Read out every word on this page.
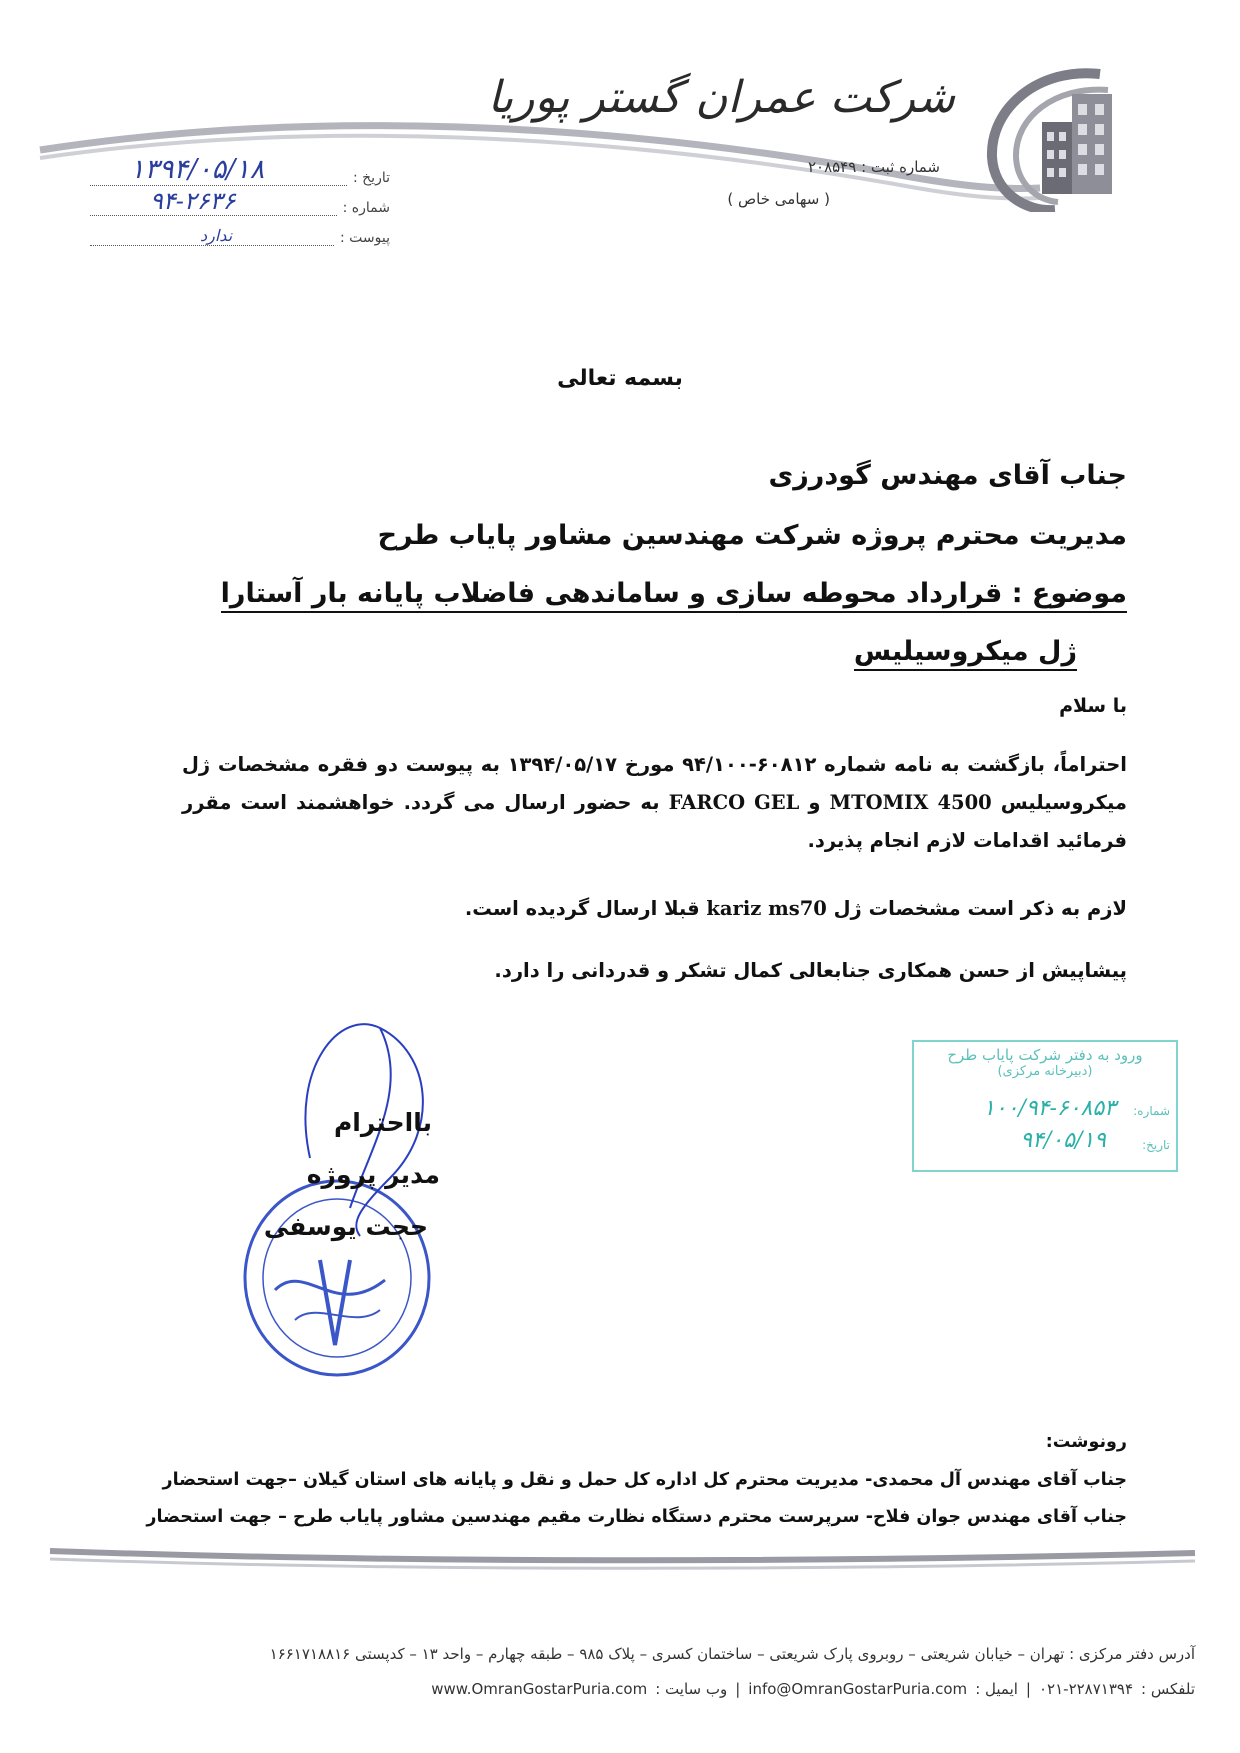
شرکت عمران گستر پوریا
شماره ثبت : ۲۰۸۵۴۹
( سهامی خاص )
تاریخ :
۱۳۹۴/۰۵/۱۸
شماره :
۹۴-۲۶۳۶
پیوست :
ندارد
بسمه تعالی
جناب آقای مهندس گودرزی
مدیریت محترم پروژه شرکت مهندسین مشاور پایاب طرح
موضوع : قرارداد محوطه سازی و ساماندهی فاضلاب پایانه بار آستارا
ژل میکروسیلیس
با سلام
احتراماً، بازگشت به نامه شماره ۶۰۸۱۲-۹۴/۱۰۰ مورخ ۱۳۹۴/۰۵/۱۷ به پیوست دو فقره مشخصات ژل میکروسیلیس MTOMIX 4500 و FARCO GEL به حضور ارسال می گردد. خواهشمند است مقرر فرمائید اقدامات لازم انجام پذیرد.
لازم به ذکر است مشخصات ژل kariz ms70 قبلا ارسال گردیده است.
پیشاپیش از حسن همکاری جنابعالی کمال تشکر و قدردانی را دارد.
ورود به دفتر شرکت پایاب طرح
(دبیرخانه مرکزی)
شماره:
۱۰۰/۹۴-۶۰۸۵۳
تاریخ:
۹۴/۰۵/۱۹
بااحترام
مدیر پروژه
حجت یوسفی
رونوشت:
جناب آقای مهندس آل محمدی- مدیریت محترم کل اداره کل حمل و نقل و پایانه های استان گیلان –جهت استحضار
جناب آقای مهندس جوان فلاح- سرپرست محترم دستگاه نظارت مقیم مهندسین مشاور پایاب طرح – جهت استحضار
آدرس دفتر مرکزی : تهران – خیابان شریعتی – روبروی پارک شریعتی – ساختمان کسری – پلاک ۹۸۵ – طبقه چهارم – واحد ۱۳ – کدپستی ۱۶۶۱۷۱۸۸۱۶
تلفکس :
۰۲۱-۲۲۸۷۱۳۹۴
|
ایمیل :
info@OmranGostarPuria.com
|
وب سایت :
www.OmranGostarPuria.com
